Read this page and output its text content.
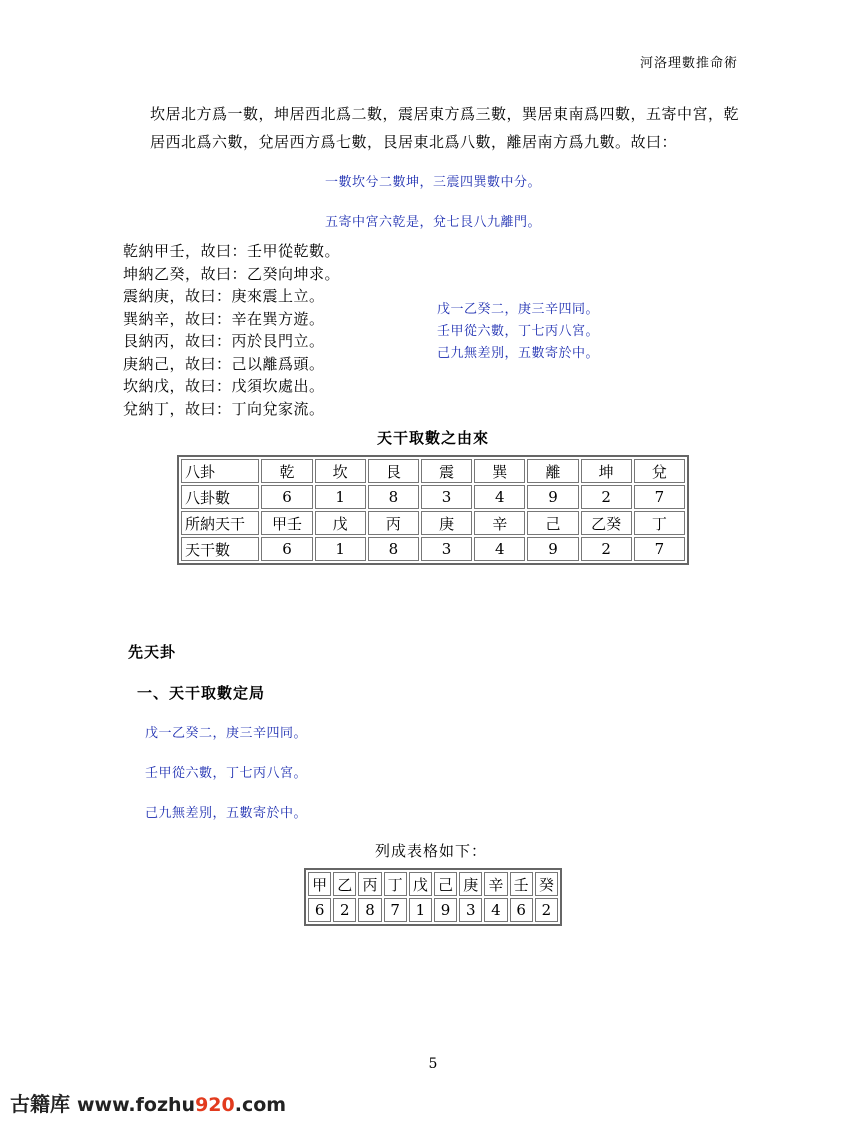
河洛理數推命術
坎居北方爲一數，坤居西北爲二數，震居東方爲三數，巽居東南爲四數，五寄中宮，乾居西北爲六數，兌居西方爲七數，艮居東北爲八數，離居南方爲九數。故曰：
一數坎兮二數坤，三震四巽數中分。
五寄中宮六乾是，兌七艮八九離門。
乾納甲壬，故曰：壬甲從乾數。
坤納乙癸，故曰：乙癸向坤求。
震納庚，故曰：庚來震上立。
巽納辛，故曰：辛在巽方遊。
艮納丙，故曰：丙於艮門立。
庚納己，故曰：己以離爲頭。
坎納戊，故曰：戊須坎處出。
兌納丁，故曰：丁向兌家流。
戊一乙癸二，庚三辛四同。
壬甲從六數，丁七丙八宮。
己九無差別，五數寄於中。
天干取數之由來
八卦	乾	坎	艮	震	巽	離	坤	兌
八卦數	6	1	8	3	4	9	2	7
所納天干	甲壬	戊	丙	庚	辛	己	乙癸	丁
天干數	6	1	8	3	4	9	2	7
先天卦
一、天干取數定局
戊一乙癸二，庚三辛四同。
壬甲從六數，丁七丙八宮。
己九無差別，五數寄於中。
列成表格如下：
甲	乙	丙	丁	戊	己	庚	辛	壬	癸
6	2	8	7	1	9	3	4	6	2
5
古籍库 www.fozhu920.com
